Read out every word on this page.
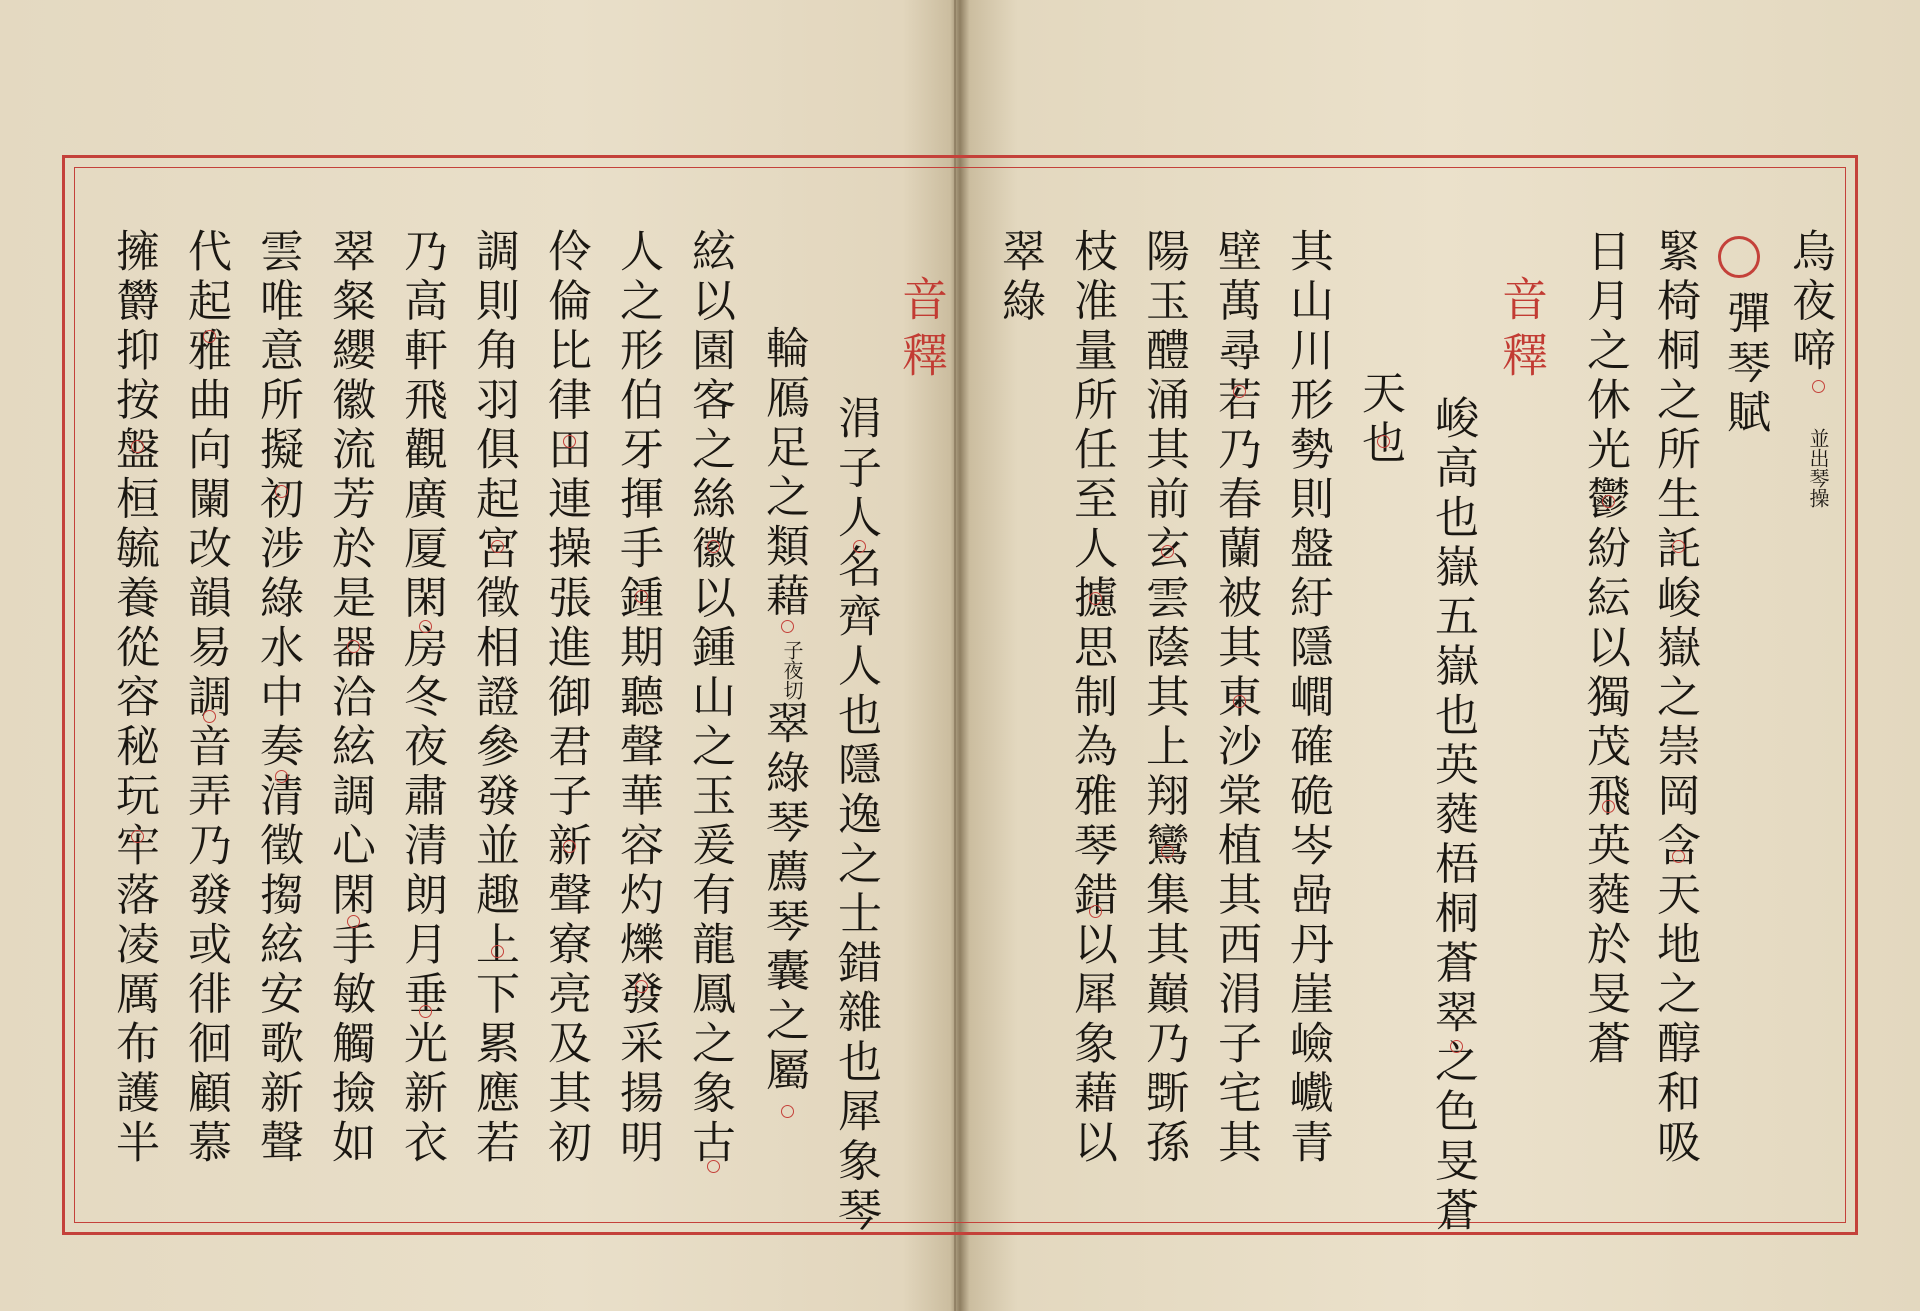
烏夜啼
並出琴操
彈琴賦
緊椅桐之所生託峻嶽之崇岡含天地之醇和吸
日月之休光鬱紛紜以獨茂飛英蕤於旻蒼
音釋
峻高也嶽五嶽也英蕤梧桐蒼翠之色旻蒼
天也
其山川形勢則盤紆隱𡼏確硊岑喦丹崖嶮巇青
壁萬尋若乃春蘭被其東沙棠植其西涓子宅其
陽玉醴涌其前玄雲蔭其上翔鸞集其巔乃斲孫
枝准量所任至人攄思制為雅琴錯以犀象藉以
翠綠
音釋
涓子人名齊人也隱逸之士錯雜也犀象琴
輪鴈足之類藉
子夜切
翠綠琴薦琴囊之屬
絃以園客之絲徽以鍾山之玉爰有龍鳳之象古
人之形伯牙揮手鍾期聽聲華容灼爍發采揚明
伶倫比律田連操張進御君子新聲寮亮及其初
調則角羽俱起宮徵相證參發並趣上下累應若
乃高軒飛觀廣厦閑房冬夜肅清朗月垂光新衣
翠粲纓徽流芳於是器洽絃調心閑手敏觸撿如
雲唯意所擬初涉綠水中奏清徵搊絃安歌新聲
代起雅曲向闌改韻易調音弄乃發或徘徊顧慕
擁欝抑按盤桓毓養從容秘玩牢落凌厲布護半
